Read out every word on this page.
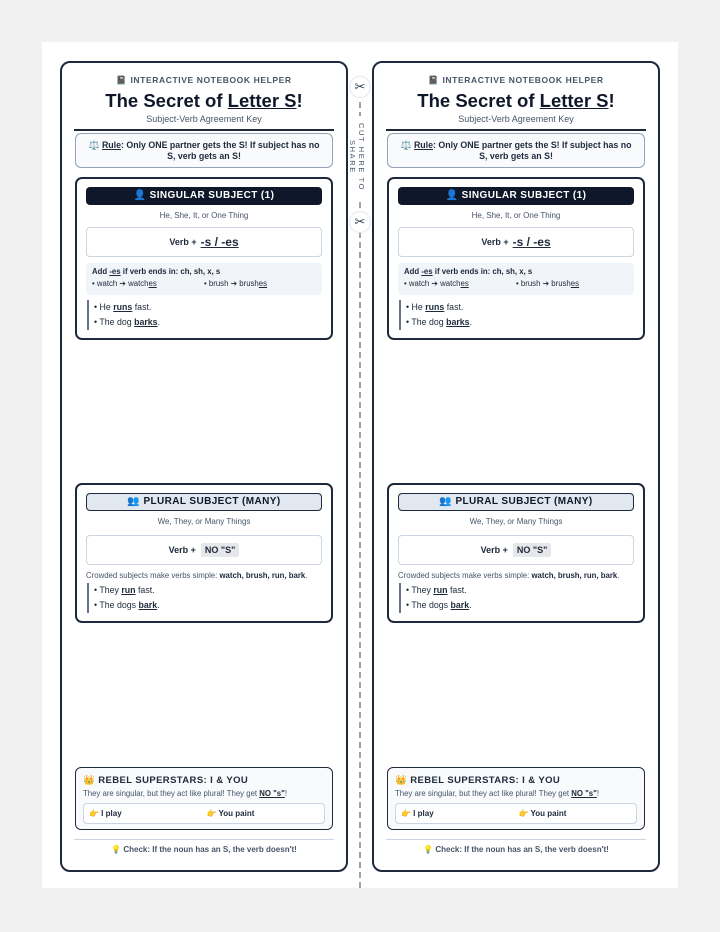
📓 INTERACTIVE NOTEBOOK HELPER
The Secret of Letter S!
Subject-Verb Agreement Key
⚖️ Rule: Only ONE partner gets the S! If subject has no S, verb gets an S!
👤 SINGULAR SUBJECT (1)
He, She, It, or One Thing
Verb + -s / -es
Add -es if verb ends in: ch, sh, x, s
• watch ➔ watches	• brush ➔ brushes
• He runs fast.
• The dog barks.
👥 PLURAL SUBJECT (MANY)
We, They, or Many Things
Verb +	NO "S"
Crowded subjects make verbs simple: watch, brush, run, bark.
• They run fast.
• The dogs bark.
👑 REBEL SUPERSTARS: I & YOU
They are singular, but they act like plural! They get NO "s"!
👉 I play	👉 You paint
💡 Check: If the noun has an S, the verb doesn't!
✂
CUT HERE TO SHARE
✂
📓 INTERACTIVE NOTEBOOK HELPER
The Secret of Letter S!
Subject-Verb Agreement Key
⚖️ Rule: Only ONE partner gets the S! If subject has no S, verb gets an S!
👤 SINGULAR SUBJECT (1)
He, She, It, or One Thing
Verb + -s / -es
Add -es if verb ends in: ch, sh, x, s
• watch ➔ watches	• brush ➔ brushes
• He runs fast.
• The dog barks.
👥 PLURAL SUBJECT (MANY)
We, They, or Many Things
Verb +	NO "S"
Crowded subjects make verbs simple: watch, brush, run, bark.
• They run fast.
• The dogs bark.
👑 REBEL SUPERSTARS: I & YOU
They are singular, but they act like plural! They get NO "s"!
👉 I play	👉 You paint
💡 Check: If the noun has an S, the verb doesn't!
